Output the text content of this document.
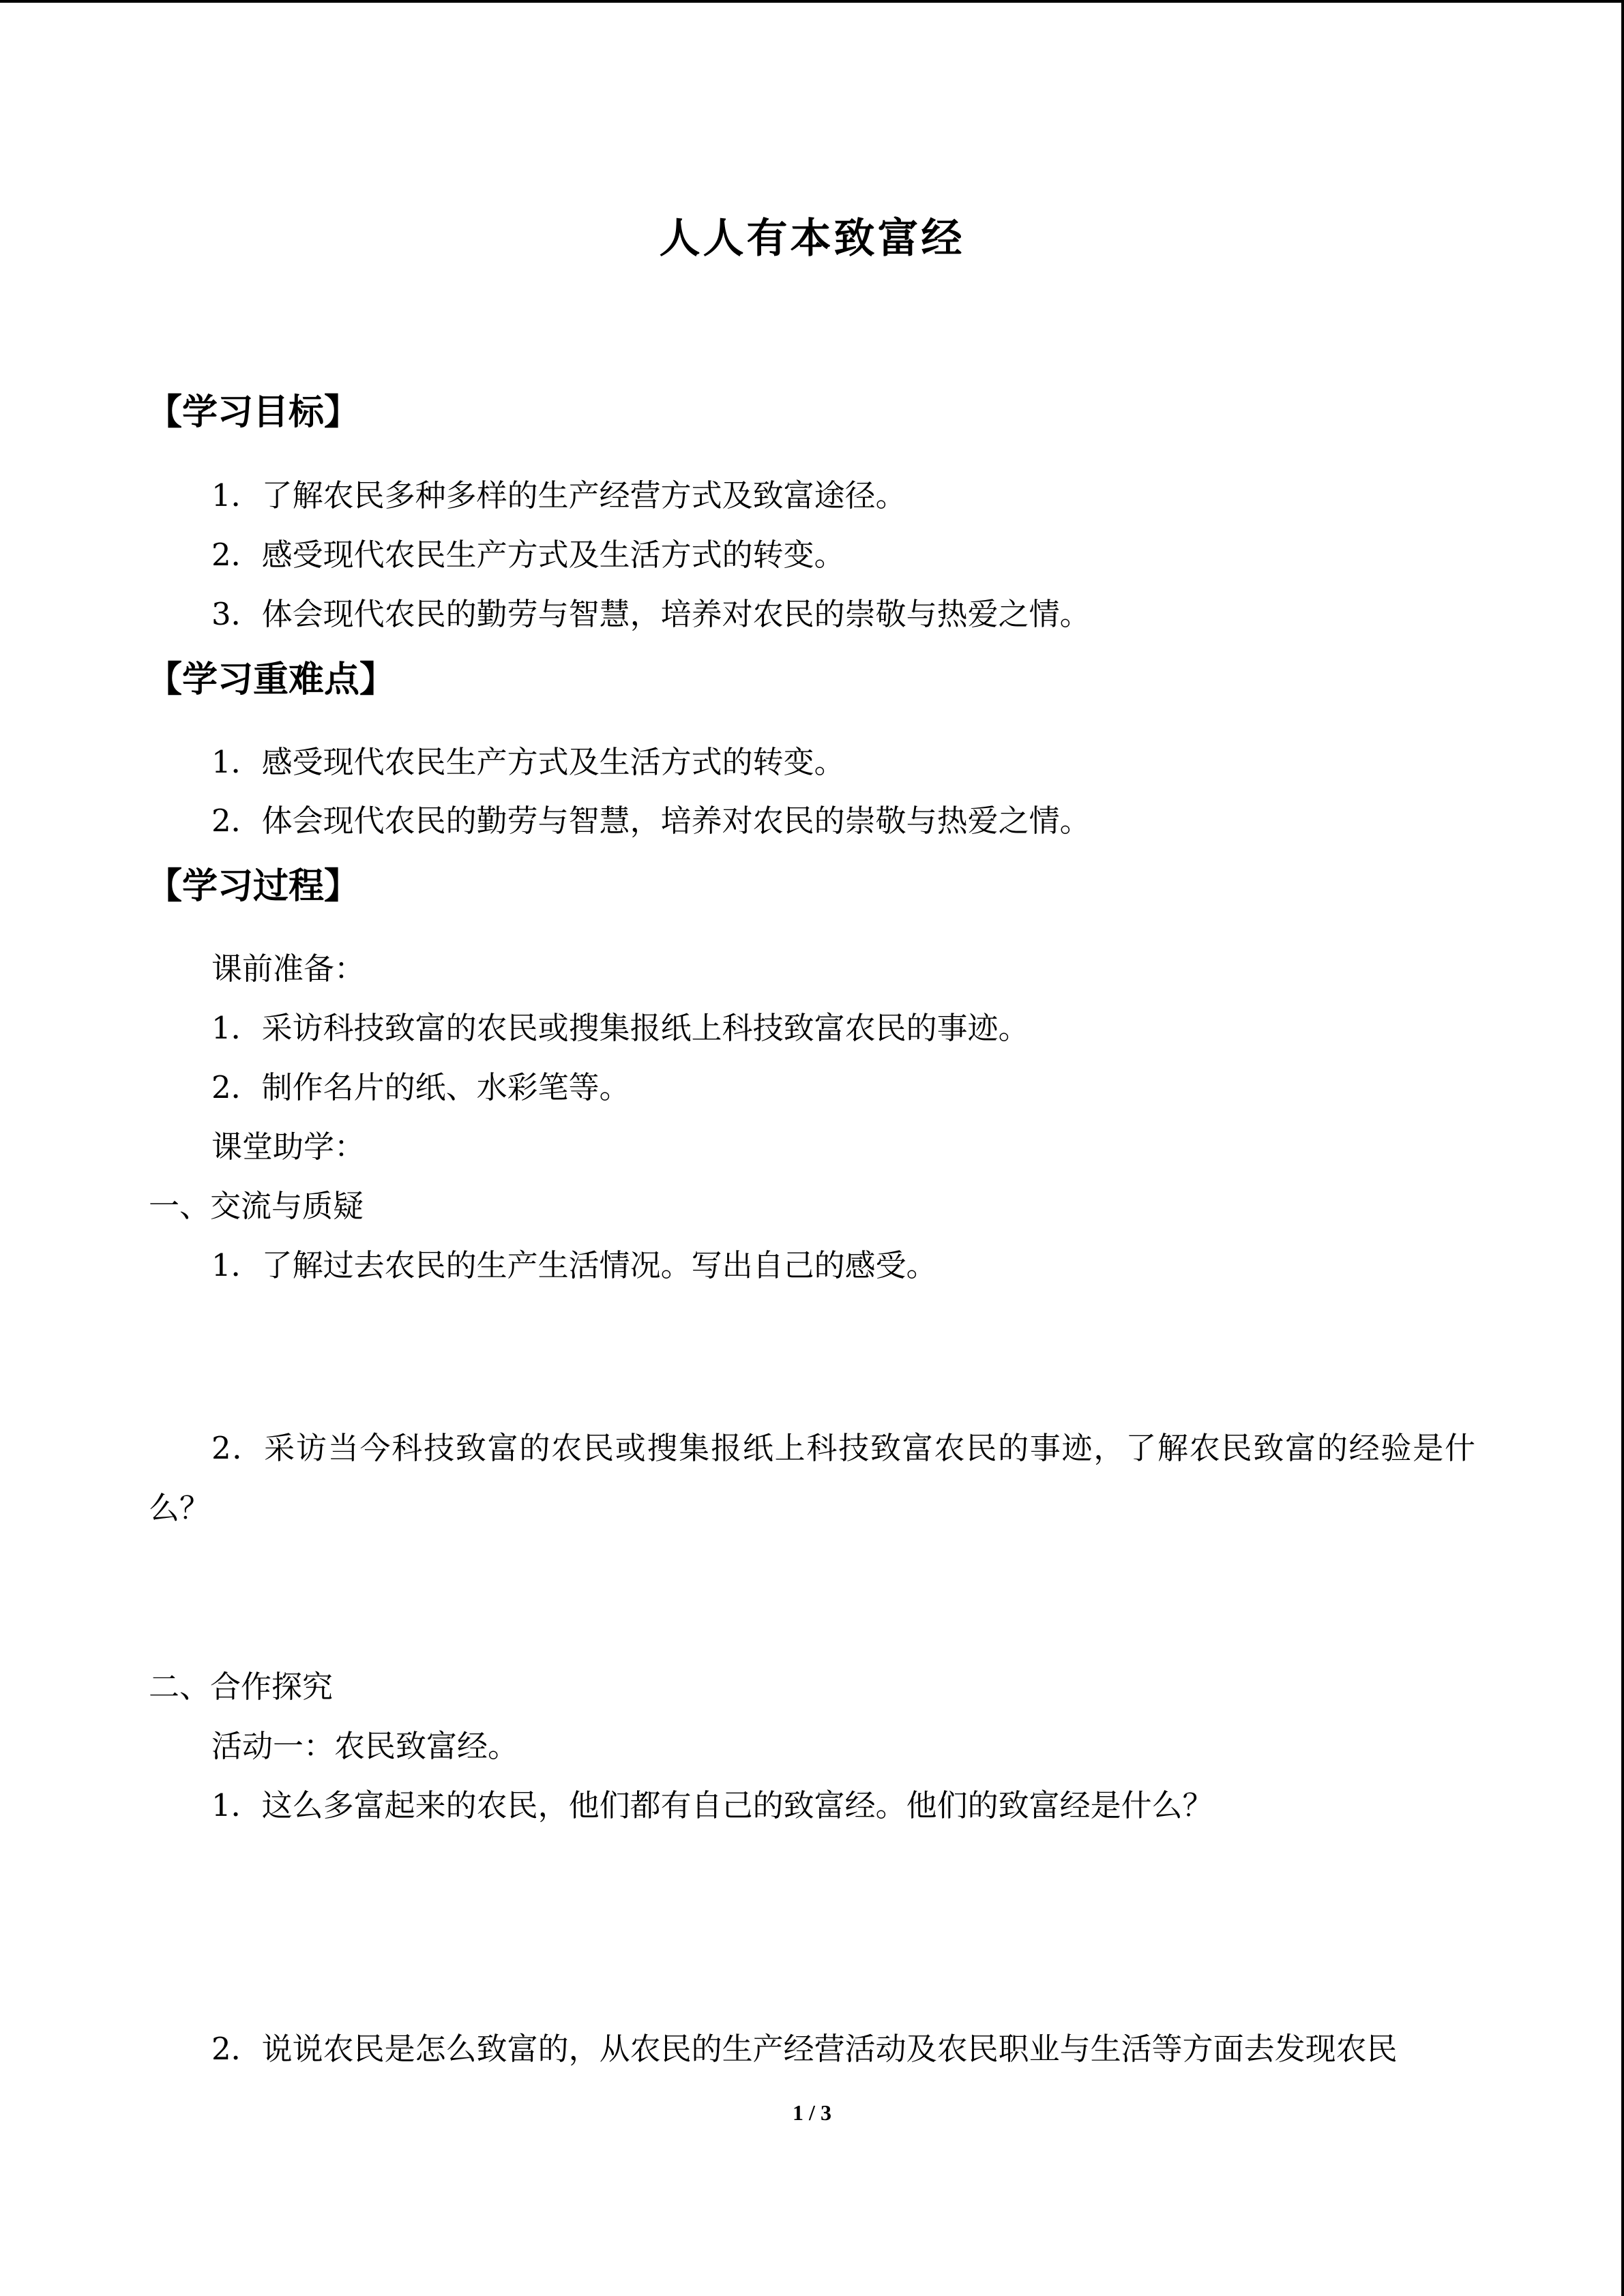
人人有本致富经
【学习目标】
1．了解农民多种多样的生产经营方式及致富途径。
2．感受现代农民生产方式及生活方式的转变。
3．体会现代农民的勤劳与智慧，培养对农民的崇敬与热爱之情。
【学习重难点】
1．感受现代农民生产方式及生活方式的转变。
2．体会现代农民的勤劳与智慧，培养对农民的崇敬与热爱之情。
【学习过程】
课前准备：
1．采访科技致富的农民或搜集报纸上科技致富农民的事迹。
2．制作名片的纸、水彩笔等。
课堂助学：
一、交流与质疑
1．了解过去农民的生产生活情况。写出自己的感受。
2．采访当今科技致富的农民或搜集报纸上科技致富农民的事迹，了解农民致富的经验是什么？
二、合作探究
活动一：农民致富经。
1．这么多富起来的农民，他们都有自己的致富经。他们的致富经是什么？
2．说说农民是怎么致富的，从农民的生产经营活动及农民职业与生活等方面去发现农民
1 / 3
